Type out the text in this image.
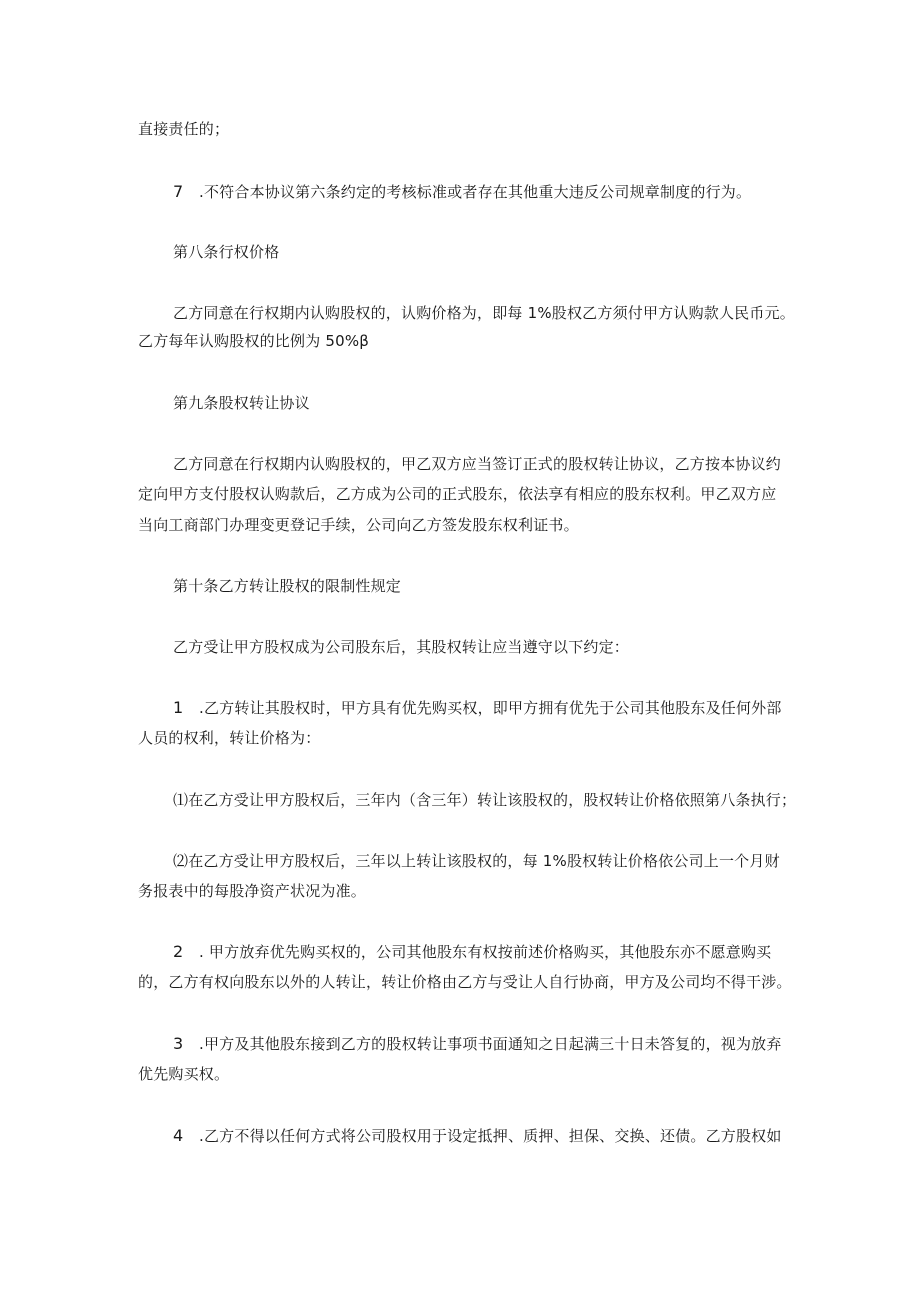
直接责任的；
7 .不符合本协议第六条约定的考核标准或者存在其他重大违反公司规章制度的行为。
第八条行权价格
乙方同意在行权期内认购股权的，认购价格为，即每 1%股权乙方须付甲方认购款人民币元。
乙方每年认购股权的比例为 50%β
第九条股权转让协议
乙方同意在行权期内认购股权的，甲乙双方应当签订正式的股权转让协议，乙方按本协议约
定向甲方支付股权认购款后，乙方成为公司的正式股东，依法享有相应的股东权利。甲乙双方应
当向工商部门办理变更登记手续，公司向乙方签发股东权利证书。
第十条乙方转让股权的限制性规定
乙方受让甲方股权成为公司股东后，其股权转让应当遵守以下约定：
1 .乙方转让其股权时，甲方具有优先购买权，即甲方拥有优先于公司其他股东及任何外部
人员的权利，转让价格为：
⑴在乙方受让甲方股权后，三年内（含三年）转让该股权的，股权转让价格依照第八条执行；
⑵在乙方受让甲方股权后，三年以上转让该股权的，每 1%股权转让价格依公司上一个月财
务报表中的每股净资产状况为准。
2 . 甲方放弃优先购买权的，公司其他股东有权按前述价格购买，其他股东亦不愿意购买
的，乙方有权向股东以外的人转让，转让价格由乙方与受让人自行协商，甲方及公司均不得干涉。
3 .甲方及其他股东接到乙方的股权转让事项书面通知之日起满三十日未答复的，视为放弃
优先购买权。
4 .乙方不得以任何方式将公司股权用于设定抵押、质押、担保、交换、还债。乙方股权如
